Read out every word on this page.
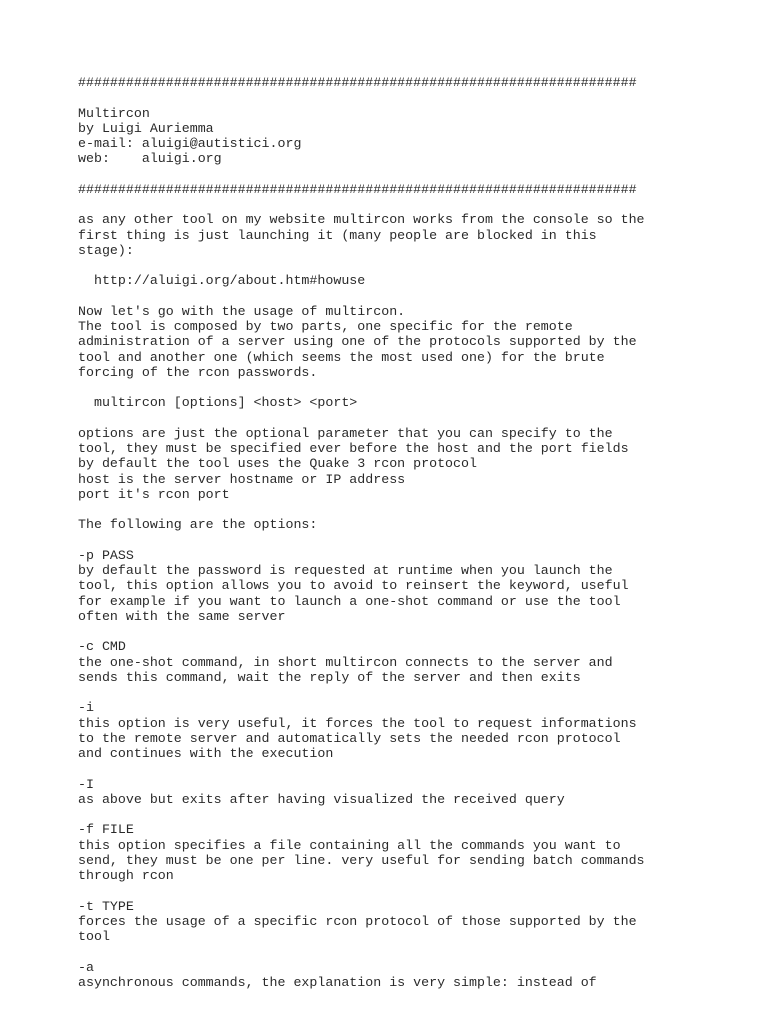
######################################################################
Multircon
by Luigi Auriemma
e-mail: aluigi@autistici.org
web:    aluigi.org
######################################################################
as any other tool on my website multircon works from the console so the
first thing is just launching it (many people are blocked in this
stage):
http://aluigi.org/about.htm#howuse
Now let's go with the usage of multircon.
The tool is composed by two parts, one specific for the remote
administration of a server using one of the protocols supported by the
tool and another one (which seems the most used one) for the brute
forcing of the rcon passwords.
multircon [options] <host> <port>
options are just the optional parameter that you can specify to the
tool, they must be specified ever before the host and the port fields
by default the tool uses the Quake 3 rcon protocol
host is the server hostname or IP address
port it's rcon port
The following are the options:
-p PASS
by default the password is requested at runtime when you launch the
tool, this option allows you to avoid to reinsert the keyword, useful
for example if you want to launch a one-shot command or use the tool
often with the same server
-c CMD
the one-shot command, in short multircon connects to the server and
sends this command, wait the reply of the server and then exits
-i
this option is very useful, it forces the tool to request informations
to the remote server and automatically sets the needed rcon protocol
and continues with the execution
-I
as above but exits after having visualized the received query
-f FILE
this option specifies a file containing all the commands you want to
send, they must be one per line. very useful for sending batch commands
through rcon
-t TYPE
forces the usage of a specific rcon protocol of those supported by the
tool
-a
asynchronous commands, the explanation is very simple: instead of
